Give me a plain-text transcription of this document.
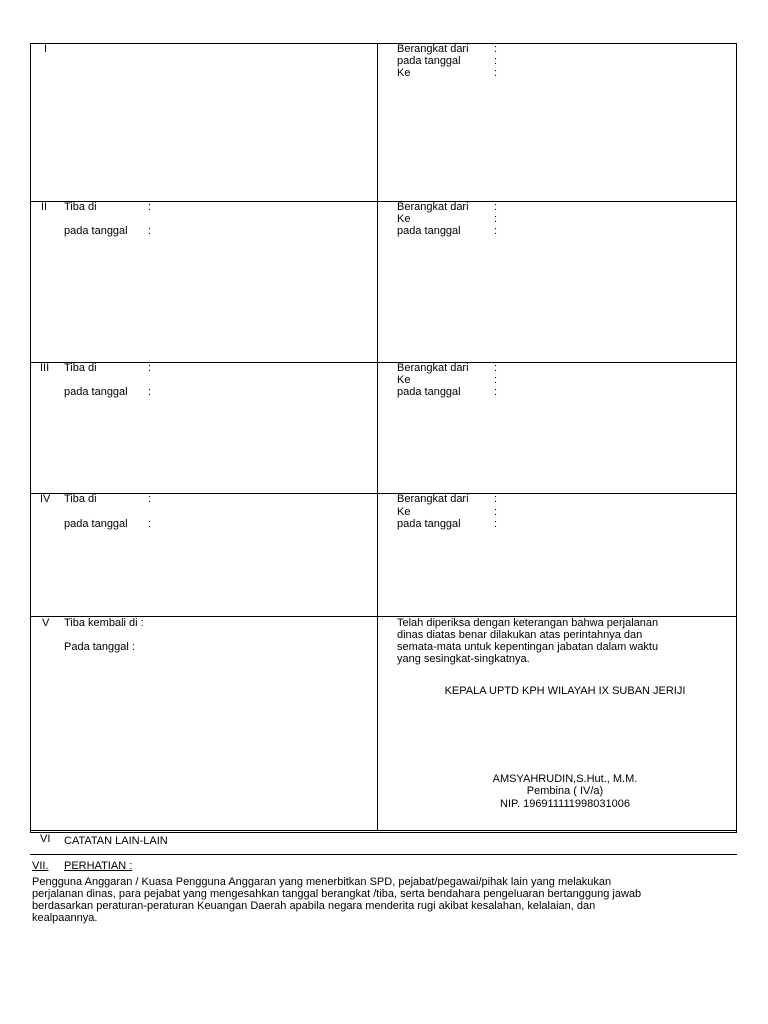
I	Berangkat dari :
pada tanggal	:
Ke	:
II Tiba di	:
pada tanggal :
Berangkat dari :
Ke	:
pada tanggal	:
III Tiba di	:
pada tanggal :
Berangkat dari :
Ke	:
pada tanggal	:
IV Tiba di	:
pada tanggal :
Berangkat dari :
Ke	:
pada tanggal	:
V Tiba kembali di :
Pada tanggal :
Telah diperiksa dengan keterangan bahwa perjalanan
dinas diatas benar dilakukan atas perintahnya dan
semata-mata untuk kepentingan jabatan dalam waktu
yang sesingkat-singkatnya.
KEPALA UPTD KPH WILAYAH IX SUBAN JERIJI
AMSYAHRUDIN,S.Hut., M.M.
Pembina ( IV/a)
NIP. 196911111998031006
VI CATATAN LAIN-LAIN
VII. PERHATIAN :
Pengguna Anggaran / Kuasa Pengguna Anggaran yang menerbitkan SPD, pejabat/pegawai/pihak lain yang melakukan
perjalanan dinas, para pejabat yang mengesahkan tanggal berangkat /tiba, serta bendahara pengeluaran bertanggung jawab
berdasarkan peraturan-peraturan Keuangan Daerah apabila negara menderita rugi akibat kesalahan, kelalaian, dan
kealpaannya.
